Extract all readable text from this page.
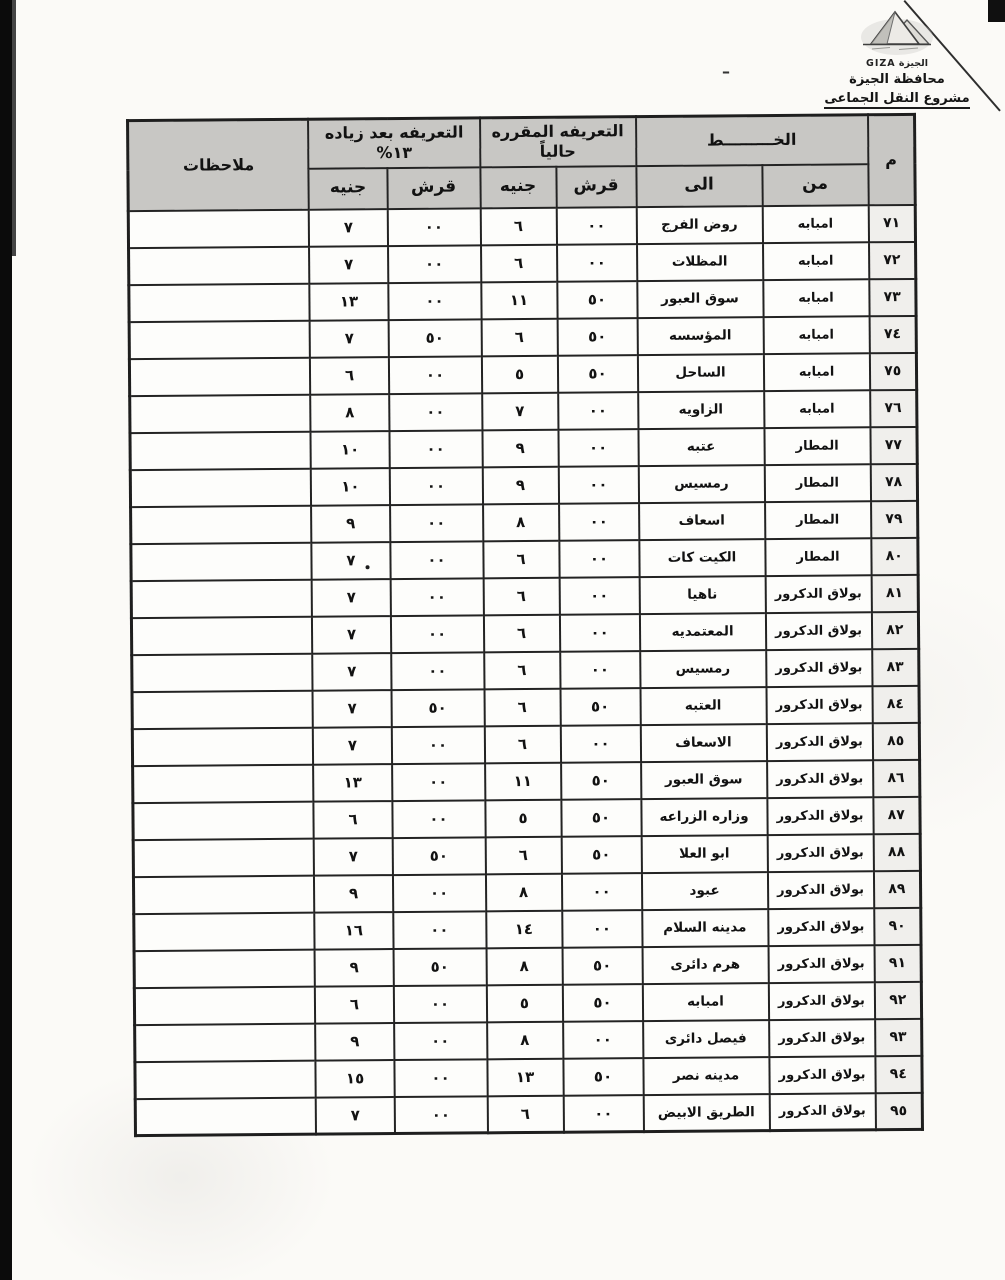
الجيزة GIZA
محافظة الجيزة
مشروع النقل الجماعى
–
م	الخـــــــــط	
التعريفه المقرره
حالياً

التعريفه بعد زياده
١٣%
	ملاحظات
	من	الى	قرش	جنيه	قرش	جنيه	
٧١	امبابه	روض الفرج	٠٠	٦	٠٠	٧	
٧٢	امبابه	المظلات	٠٠	٦	٠٠	٧	
٧٣	امبابه	سوق العبور	٥٠	١١	٠٠	١٣	
٧٤	امبابه	المؤسسه	٥٠	٦	٥٠	٧	
٧٥	امبابه	الساحل	٥٠	٥	٠٠	٦	
٧٦	امبابه	الزاويه	٠٠	٧	٠٠	٨	
٧٧	المطار	عتبه	٠٠	٩	٠٠	١٠	
٧٨	المطار	رمسيس	٠٠	٩	٠٠	١٠	
٧٩	المطار	اسعاف	٠٠	٨	٠٠	٩	
٨٠	المطار	الكيت كات	٠٠	٦	٠٠	٧	
٨١	بولاق الدكرور	ناهيا	٠٠	٦	٠٠	٧	
٨٢	بولاق الدكرور	المعتمديه	٠٠	٦	٠٠	٧	
٨٣	بولاق الدكرور	رمسيس	٠٠	٦	٠٠	٧	
٨٤	بولاق الدكرور	العتبه	٥٠	٦	٥٠	٧	
٨٥	بولاق الدكرور	الاسعاف	٠٠	٦	٠٠	٧	
٨٦	بولاق الدكرور	سوق العبور	٥٠	١١	٠٠	١٣	
٨٧	بولاق الدكرور	وزاره الزراعه	٥٠	٥	٠٠	٦	
٨٨	بولاق الدكرور	ابو العلا	٥٠	٦	٥٠	٧	
٨٩	بولاق الدكرور	عبود	٠٠	٨	٠٠	٩	
٩٠	بولاق الدكرور	مدينه السلام	٠٠	١٤	٠٠	١٦	
٩١	بولاق الدكرور	هرم دائرى	٥٠	٨	٥٠	٩	
٩٢	بولاق الدكرور	امبابه	٥٠	٥	٠٠	٦	
٩٣	بولاق الدكرور	فيصل دائرى	٠٠	٨	٠٠	٩	
٩٤	بولاق الدكرور	مدينه نصر	٥٠	١٣	٠٠	١٥	
٩٥	بولاق الدكرور	الطريق الابيض	٠٠	٦	٠٠	٧	
